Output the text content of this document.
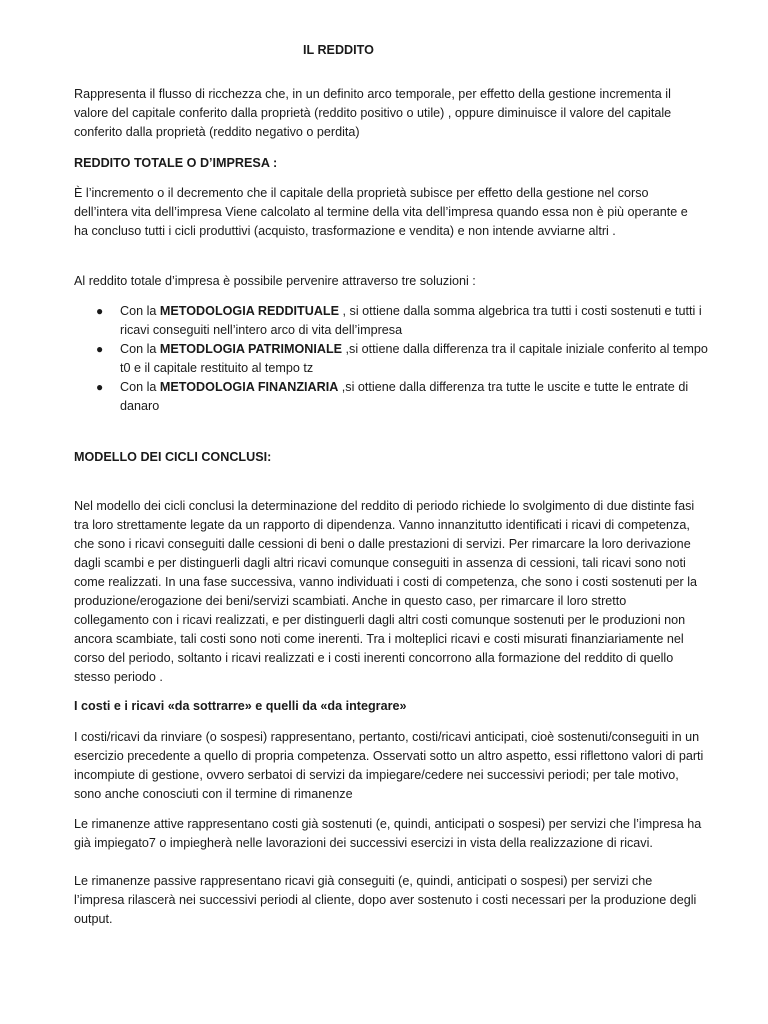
IL REDDITO

Rappresenta il flusso di ricchezza che, in un definito arco temporale, per effetto della gestione incrementa il valore del capitale conferito dalla proprietà (reddito positivo o utile) , oppure diminuisce il valore del capitale conferito dalla proprietà (reddito negativo o perdita)

REDDITO TOTALE O D’IMPRESA :

È l’incremento o il decremento che il capitale della proprietà subisce per effetto della gestione nel corso dell’intera vita dell’impresa Viene calcolato al termine della vita dell’impresa quando essa non è più operante e ha concluso tutti i cicli produttivi (acquisto, trasformazione e vendita) e non intende avviarne altri .

Al reddito totale d’impresa è possibile pervenire attraverso tre soluzioni :

● Con la METODOLOGIA REDDITUALE , si ottiene dalla somma algebrica tra tutti i costi sostenuti e tutti i ricavi conseguiti nell’intero arco di vita dell’impresa
● Con la METODLOGIA PATRIMONIALE ,si ottiene dalla differenza tra il capitale iniziale conferito al tempo t0 e il capitale restituito al tempo tz
● Con la METODOLOGIA FINANZIARIA ,si ottiene dalla differenza tra tutte le uscite e tutte le entrate di danaro

MODELLO DEI CICLI CONCLUSI:

Nel modello dei cicli conclusi la determinazione del reddito di periodo richiede lo svolgimento di due distinte fasi tra loro strettamente legate da un rapporto di dipendenza. Vanno innanzitutto identificati i ricavi di competenza, che sono i ricavi conseguiti dalle cessioni di beni o dalle prestazioni di servizi. Per rimarcare la loro derivazione dagli scambi e per distinguerli dagli altri ricavi comunque conseguiti in assenza di cessioni, tali ricavi sono noti come realizzati. In una fase successiva, vanno individuati i costi di competenza, che sono i costi sostenuti per la produzione/erogazione dei beni/servizi scambiati. Anche in questo caso, per rimarcare il loro stretto collegamento con i ricavi realizzati, e per distinguerli dagli altri costi comunque sostenuti per le produzioni non ancora scambiate, tali costi sono noti come inerenti. Tra i molteplici ricavi e costi misurati finanziariamente nel corso del periodo, soltanto i ricavi realizzati e i costi inerenti concorrono alla formazione del reddito di quello stesso periodo .

I costi e i ricavi «da sottrarre» e quelli da «da integrare»

I costi/ricavi da rinviare (o sospesi) rappresentano, pertanto, costi/ricavi anticipati, cioè sostenuti/conseguiti in un esercizio precedente a quello di propria competenza. Osservati sotto un altro aspetto, essi riflettono valori di parti incompiute di gestione, ovvero serbatoi di servizi da impiegare/cedere nei successivi periodi; per tale motivo, sono anche conosciuti con il termine di rimanenze

Le rimanenze attive rappresentano costi già sostenuti (e, quindi, anticipati o sospesi) per servizi che l’impresa ha già impiegato7 o impiegherà nelle lavorazioni dei successivi esercizi in vista della realizzazione di ricavi.

Le rimanenze passive rappresentano ricavi già conseguiti (e, quindi, anticipati o sospesi) per servizi che l’impresa rilascerà nei successivi periodi al cliente, dopo aver sostenuto i costi necessari per la produzione degli output.
